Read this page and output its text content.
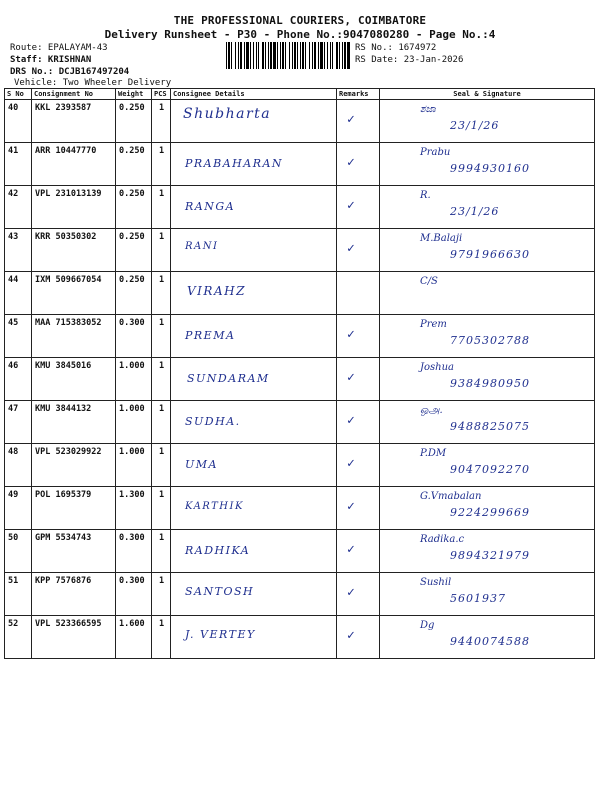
THE PROFESSIONAL COURIERS, COIMBATORE
Delivery Runsheet - P30 - Phone No.:9047080280 - Page No.:4
Route: EPALAYAM-43
Staff: KRISHNAN
DRS No.: DCJB167497204
Vehicle: Two Wheeler Delivery
RS No.: 1674972
RS Date: 23-Jan-2026
S No	Consignment No	Weight	PCS	Consignee Details	Remarks	Seal & Signature
40	KKL 2393587	0.250	1	Shubharta	✓	ಶಜಾ
23/1/26

41	ARR 10447770	0.250	1	PRABAHARAN	✓	Prabu
9994930160

42	VPL 231013139	0.250	1	RANGA	✓	R.
23/1/26

43	KRR 50350302	0.250	1	RANI	✓	M.Balaji
9791966630

44	IXM 509667054	0.250	1	VIRAHZ		C/S

45	MAA 715383052	0.300	1	PREMA	✓	Prem
7705302788

46	KMU 3845016	1.000	1	SUNDARAM	✓	Joshua
9384980950

47	KMU 3844132	1.000	1	SUDHA.	✓	ஒஅ.
9488825075

48	VPL 523029922	1.000	1	UMA	✓	P.DM
9047092270

49	POL 1695379	1.300	1	KARTHIK	✓	G.Vmabalan
9224299669

50	GPM 5534743	0.300	1	RADHIKA	✓	Radika.c
9894321979

51	KPP 7576876	0.300	1	SANTOSH	✓	Sushil
5601937

52	VPL 523366595	1.600	1	J. VERTEY	✓	Dg
9440074588
